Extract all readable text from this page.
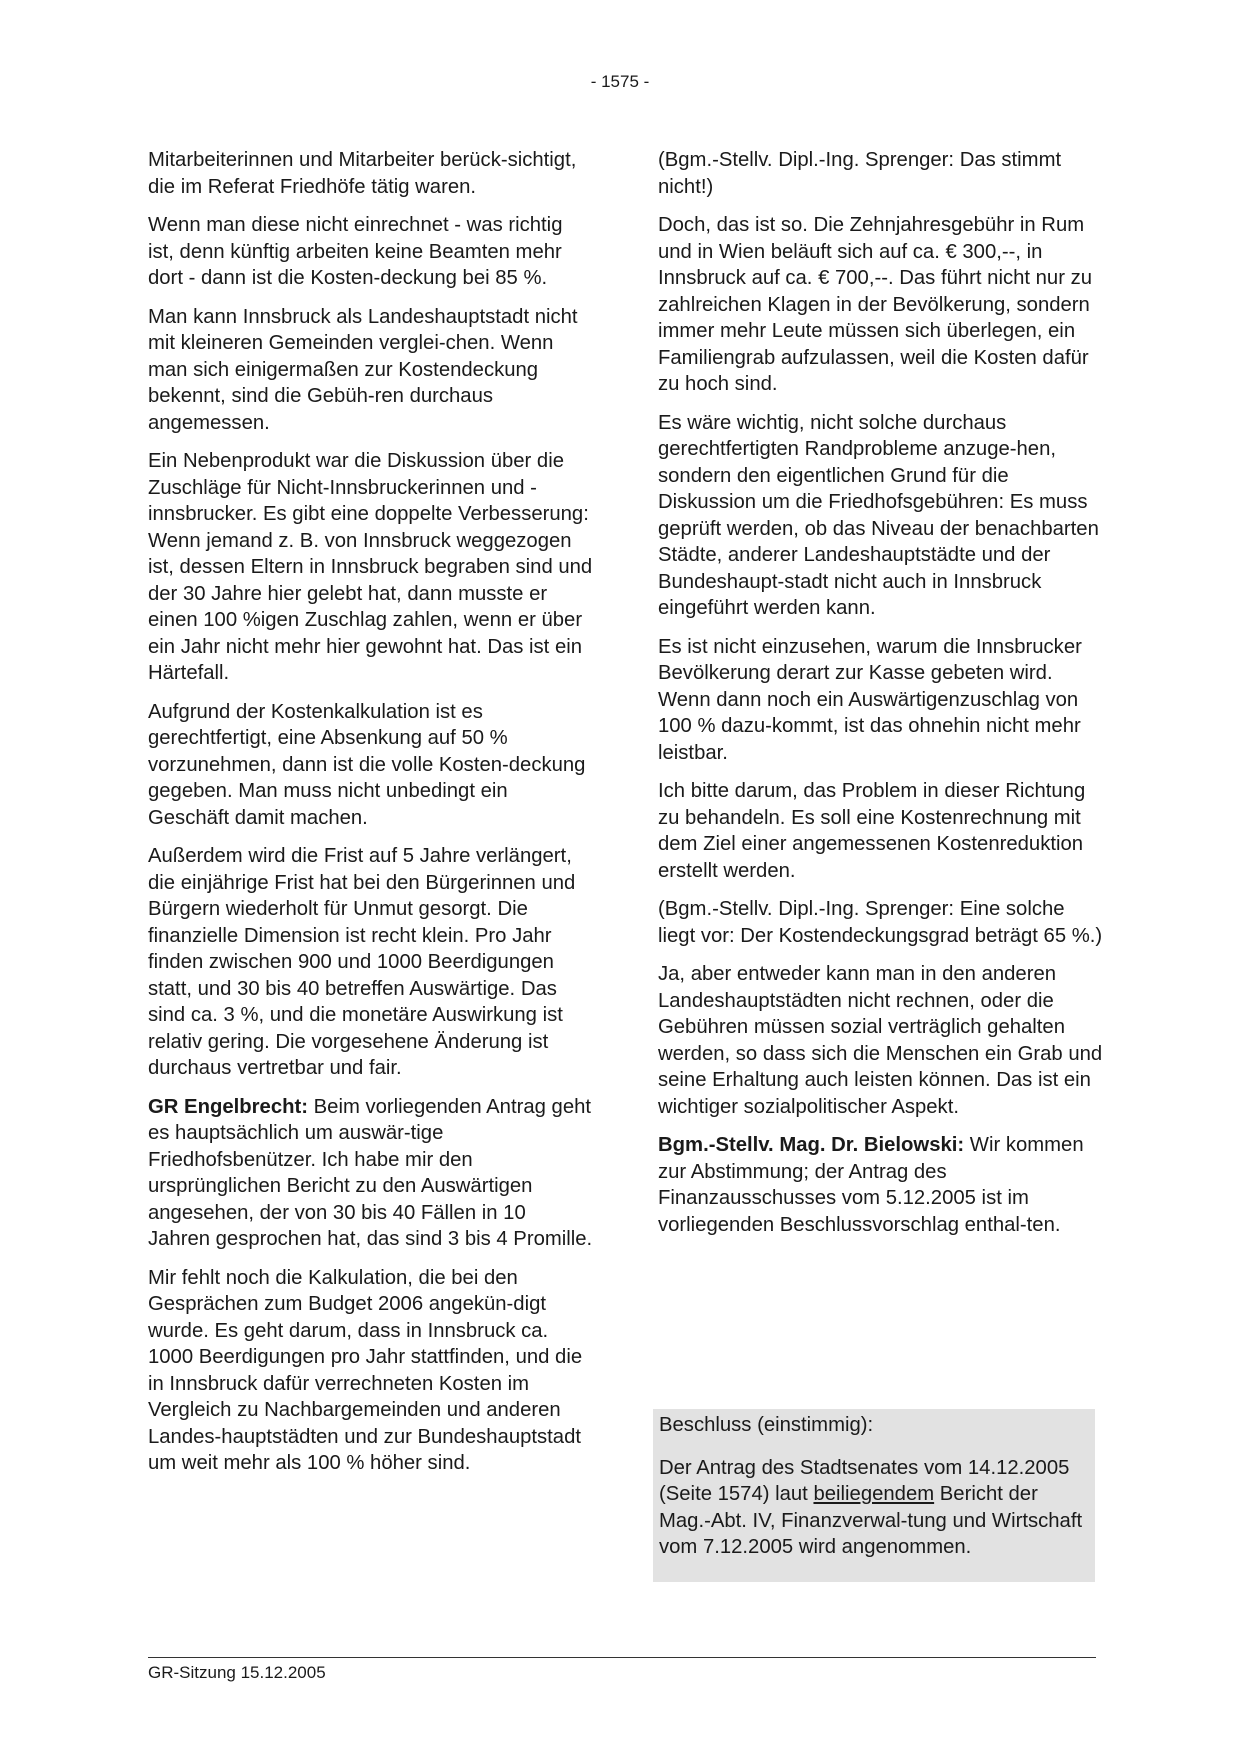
- 1575 -

Mitarbeiterinnen und Mitarbeiter berück-sichtigt, die im Referat Friedhöfe tätig waren.

Wenn man diese nicht einrechnet - was richtig ist, denn künftig arbeiten keine Beamten mehr dort - dann ist die Kosten-deckung bei 85 %.

Man kann Innsbruck als Landeshauptstadt nicht mit kleineren Gemeinden verglei-chen. Wenn man sich einigermaßen zur Kostendeckung bekennt, sind die Gebüh-ren durchaus angemessen.

Ein Nebenprodukt war die Diskussion über die Zuschläge für Nicht-Innsbruckerinnen und -innsbrucker. Es gibt eine doppelte Verbesserung: Wenn jemand z. B. von Innsbruck weggezogen ist, dessen Eltern in Innsbruck begraben sind und der 30 Jahre hier gelebt hat, dann musste er einen 100 %igen Zuschlag zahlen, wenn er über ein Jahr nicht mehr hier gewohnt hat. Das ist ein Härtefall.

Aufgrund der Kostenkalkulation ist es gerechtfertigt, eine Absenkung auf 50 % vorzunehmen, dann ist die volle Kosten-deckung gegeben. Man muss nicht unbedingt ein Geschäft damit machen.

Außerdem wird die Frist auf 5 Jahre verlängert, die einjährige Frist hat bei den Bürgerinnen und Bürgern wiederholt für Unmut gesorgt. Die finanzielle Dimension ist recht klein. Pro Jahr finden zwischen 900 und 1000 Beerdigungen statt, und 30 bis 40 betreffen Auswärtige. Das sind ca. 3 %, und die monetäre Auswirkung ist relativ gering. Die vorgesehene Änderung ist durchaus vertretbar und fair.

GR Engelbrecht: Beim vorliegenden Antrag geht es hauptsächlich um auswär-tige Friedhofsbenützer. Ich habe mir den ursprünglichen Bericht zu den Auswärtigen angesehen, der von 30 bis 40 Fällen in 10 Jahren gesprochen hat, das sind 3 bis 4 Promille.

Mir fehlt noch die Kalkulation, die bei den Gesprächen zum Budget 2006 angekün-digt wurde. Es geht darum, dass in Innsbruck ca. 1000 Beerdigungen pro Jahr stattfinden, und die in Innsbruck dafür verrechneten Kosten im Vergleich zu Nachbargemeinden und anderen Landes-hauptstädten und zur Bundeshauptstadt um weit mehr als 100 % höher sind.

(Bgm.-Stellv. Dipl.-Ing. Sprenger: Das stimmt nicht!)

Doch, das ist so. Die Zehnjahresgebühr in Rum und in Wien beläuft sich auf ca. € 300,--, in Innsbruck auf ca. € 700,--. Das führt nicht nur zu zahlreichen Klagen in der Bevölkerung, sondern immer mehr Leute müssen sich überlegen, ein Familiengrab aufzulassen, weil die Kosten dafür zu hoch sind.

Es wäre wichtig, nicht solche durchaus gerechtfertigten Randprobleme anzuge-hen, sondern den eigentlichen Grund für die Diskussion um die Friedhofsgebühren: Es muss geprüft werden, ob das Niveau der benachbarten Städte, anderer Landeshauptstädte und der Bundeshaupt-stadt nicht auch in Innsbruck eingeführt werden kann.

Es ist nicht einzusehen, warum die Innsbrucker Bevölkerung derart zur Kasse gebeten wird. Wenn dann noch ein Auswärtigenzuschlag von 100 % dazu-kommt, ist das ohnehin nicht mehr leistbar.

Ich bitte darum, das Problem in dieser Richtung zu behandeln. Es soll eine Kostenrechnung mit dem Ziel einer angemessenen Kostenreduktion erstellt werden.

(Bgm.-Stellv. Dipl.-Ing. Sprenger: Eine solche liegt vor: Der Kostendeckungsgrad beträgt 65 %.)

Ja, aber entweder kann man in den anderen Landeshauptstädten nicht rechnen, oder die Gebühren müssen sozial verträglich gehalten werden, so dass sich die Menschen ein Grab und seine Erhaltung auch leisten können. Das ist ein wichtiger sozialpolitischer Aspekt.

Bgm.-Stellv. Mag. Dr. Bielowski: Wir kommen zur Abstimmung; der Antrag des Finanzausschusses vom 5.12.2005 ist im vorliegenden Beschlussvorschlag enthal-ten.

Beschluss (einstimmig):

Der Antrag des Stadtsenates vom 14.12.2005 (Seite 1574) laut beiliegendem Bericht der Mag.-Abt. IV, Finanzverwal-tung und Wirtschaft vom 7.12.2005 wird angenommen.

GR-Sitzung 15.12.2005
